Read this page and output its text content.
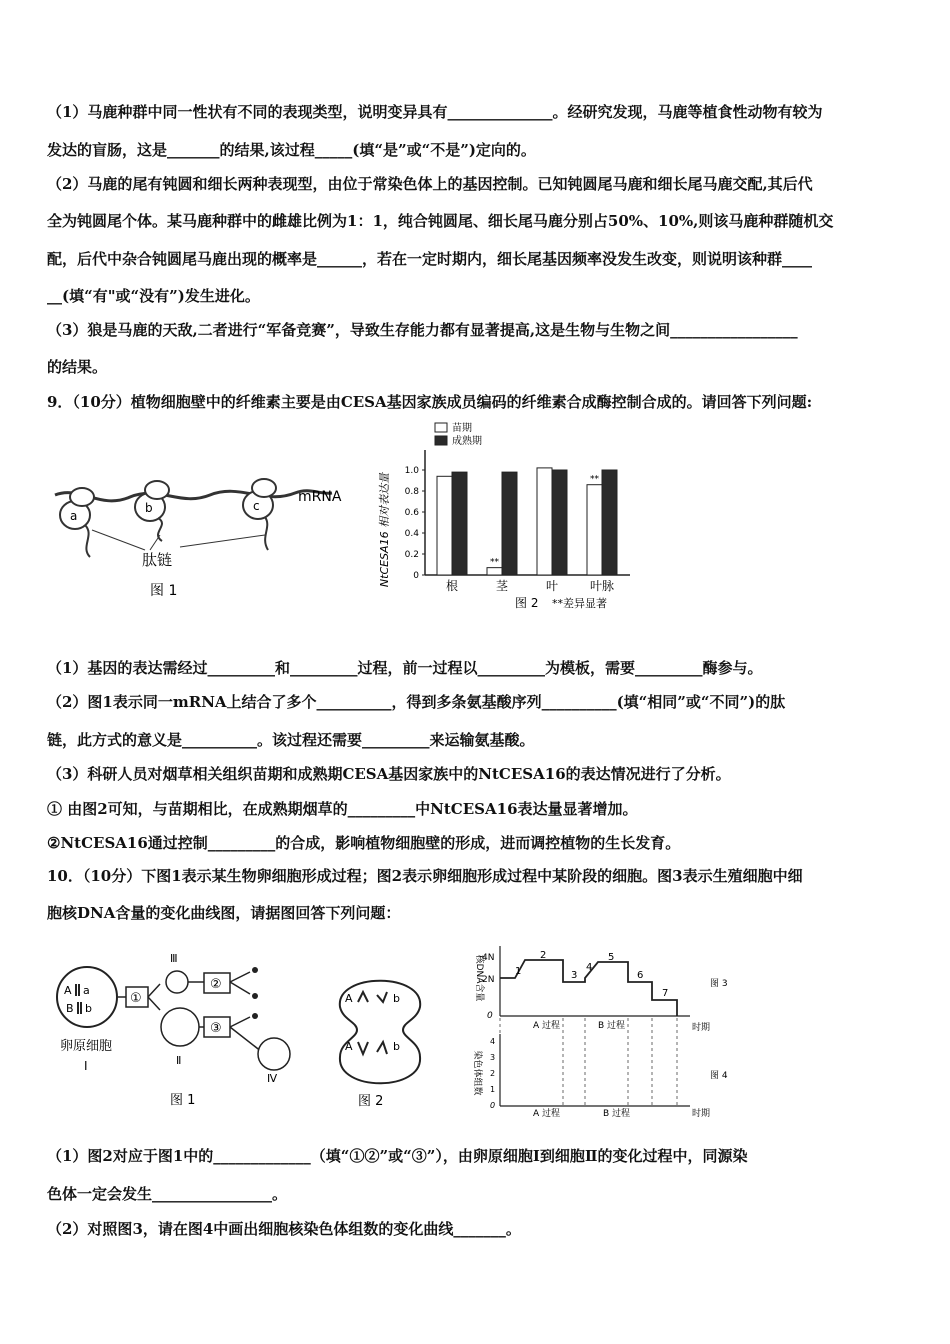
（1）马鹿种群中同一性状有不同的表现类型，说明变异具有______________。经研究发现，马鹿等植食性动物有较为
发达的盲肠，这是_______的结果,该过程_____(填“是”或“不是”)定向的。
（2）马鹿的尾有钝圆和细长两种表现型，由位于常染色体上的基因控制。已知钝圆尾马鹿和细长尾马鹿交配,其后代
全为钝圆尾个体。某马鹿种群中的雌雄比例为1：1，纯合钝圆尾、细长尾马鹿分别占50%、10%,则该马鹿种群随机交
配，后代中杂合钝圆尾马鹿出现的概率是______，若在一定时期内，细长尾基因频率没发生改变，则说明该种群____
__(填“有"或“没有”)发生进化。
（3）狼是马鹿的天敌,二者进行“军备竞赛”，导致生存能力都有显著提高,这是生物与生物之间_________________
的结果。
9．（10分）植物细胞壁中的纤维素主要是由CESA基因家族成员编码的纤维素合成酶控制合成的。请回答下列问题:
a
b	c
mRNA
肽链
图 1
NtCESA16 相对表达量 0
0.2
0.4
0.6
0.8
1.0
根	茎	叶	叶脉
**
**
苗期
成熟期
图 2 **差异显著
（1）基因的表达需经过_________和_________过程，前一过程以_________为模板，需要_________酶参与。
（2）图1表示同一mRNA上结合了多个__________，得到多条氨基酸序列__________(填“相同”或“不同”)的肽
链，此方式的意义是__________。该过程还需要_________来运输氨基酸。
（3）科研人员对烟草相关组织苗期和成熟期CESA基因家族中的NtCESA16的表达情况进行了分析。
① 由图2可知，与苗期相比，在成熟期烟草的_________中NtCESA16表达量显著增加。
②NtCESA16通过控制_________的合成，影响植物细胞壁的形成，进而调控植物的生长发育。
10．（10分）下图1表示某生物卵细胞形成过程；图2表示卵细胞形成过程中某阶段的细胞。图3表示生殖细胞中细
胞核DNA含量的变化曲线图，请据图回答下列问题：
A a
B b
①
Ⅲ
Ⅱ
②
③
Ⅳ
卵原细胞
Ⅰ
图 1
A	b
A	b
图 2
核DNA含量
4N
2N
0
1
2
3
4
5
6
7
A 过程	B 过程	时期
图 3
染色体组数
4
3
2
1
0
A 过程	B 过程	时期
图 4
（1）图2对应于图1中的_____________（填“①②”或“③”），由卵原细胞Ⅰ到细胞Ⅱ的变化过程中，同源染
色体一定会发生________________。
（2）对照图3，请在图4中画出细胞核染色体组数的变化曲线_______。
